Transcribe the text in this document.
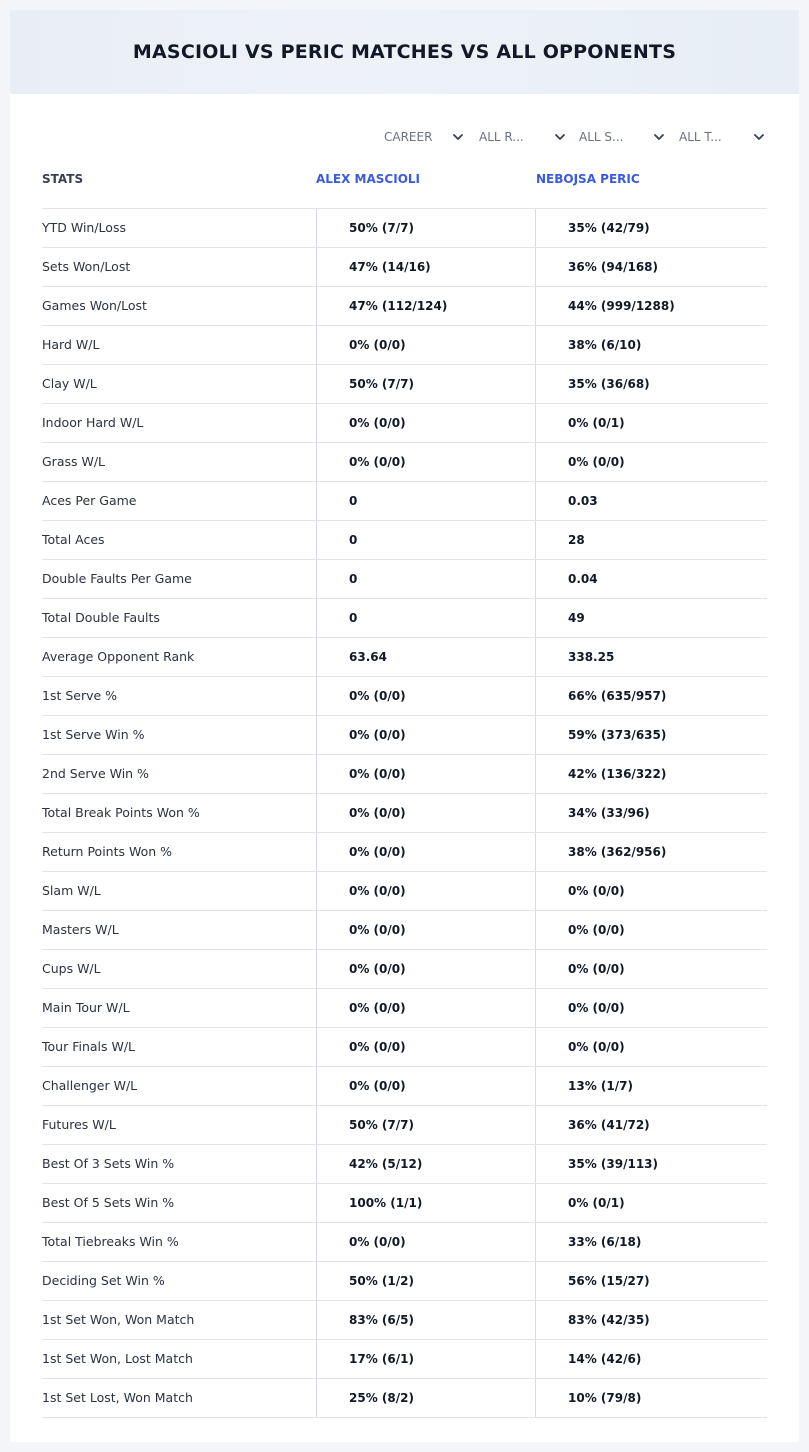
MASCIOLI VS PERIC MATCHES VS ALL OPPONENTS
CAREER	ALL R...	ALL S...	ALL T...
STATS	ALEX MASCIOLI	NEBOJSA PERIC
YTD Win/Loss	50% (7/7)	35% (42/79)
Sets Won/Lost	47% (14/16)	36% (94/168)
Games Won/Lost	47% (112/124)	44% (999/1288)
Hard W/L	0% (0/0)	38% (6/10)
Clay W/L	50% (7/7)	35% (36/68)
Indoor Hard W/L	0% (0/0)	0% (0/1)
Grass W/L	0% (0/0)	0% (0/0)
Aces Per Game	0	0.03
Total Aces	0	28
Double Faults Per Game	0	0.04
Total Double Faults	0	49
Average Opponent Rank	63.64	338.25
1st Serve %	0% (0/0)	66% (635/957)
1st Serve Win %	0% (0/0)	59% (373/635)
2nd Serve Win %	0% (0/0)	42% (136/322)
Total Break Points Won %	0% (0/0)	34% (33/96)
Return Points Won %	0% (0/0)	38% (362/956)
Slam W/L	0% (0/0)	0% (0/0)
Masters W/L	0% (0/0)	0% (0/0)
Cups W/L	0% (0/0)	0% (0/0)
Main Tour W/L	0% (0/0)	0% (0/0)
Tour Finals W/L	0% (0/0)	0% (0/0)
Challenger W/L	0% (0/0)	13% (1/7)
Futures W/L	50% (7/7)	36% (41/72)
Best Of 3 Sets Win %	42% (5/12)	35% (39/113)
Best Of 5 Sets Win %	100% (1/1)	0% (0/1)
Total Tiebreaks Win %	0% (0/0)	33% (6/18)
Deciding Set Win %	50% (1/2)	56% (15/27)
1st Set Won, Won Match	83% (6/5)	83% (42/35)
1st Set Won, Lost Match	17% (6/1)	14% (42/6)
1st Set Lost, Won Match	25% (8/2)	10% (79/8)
